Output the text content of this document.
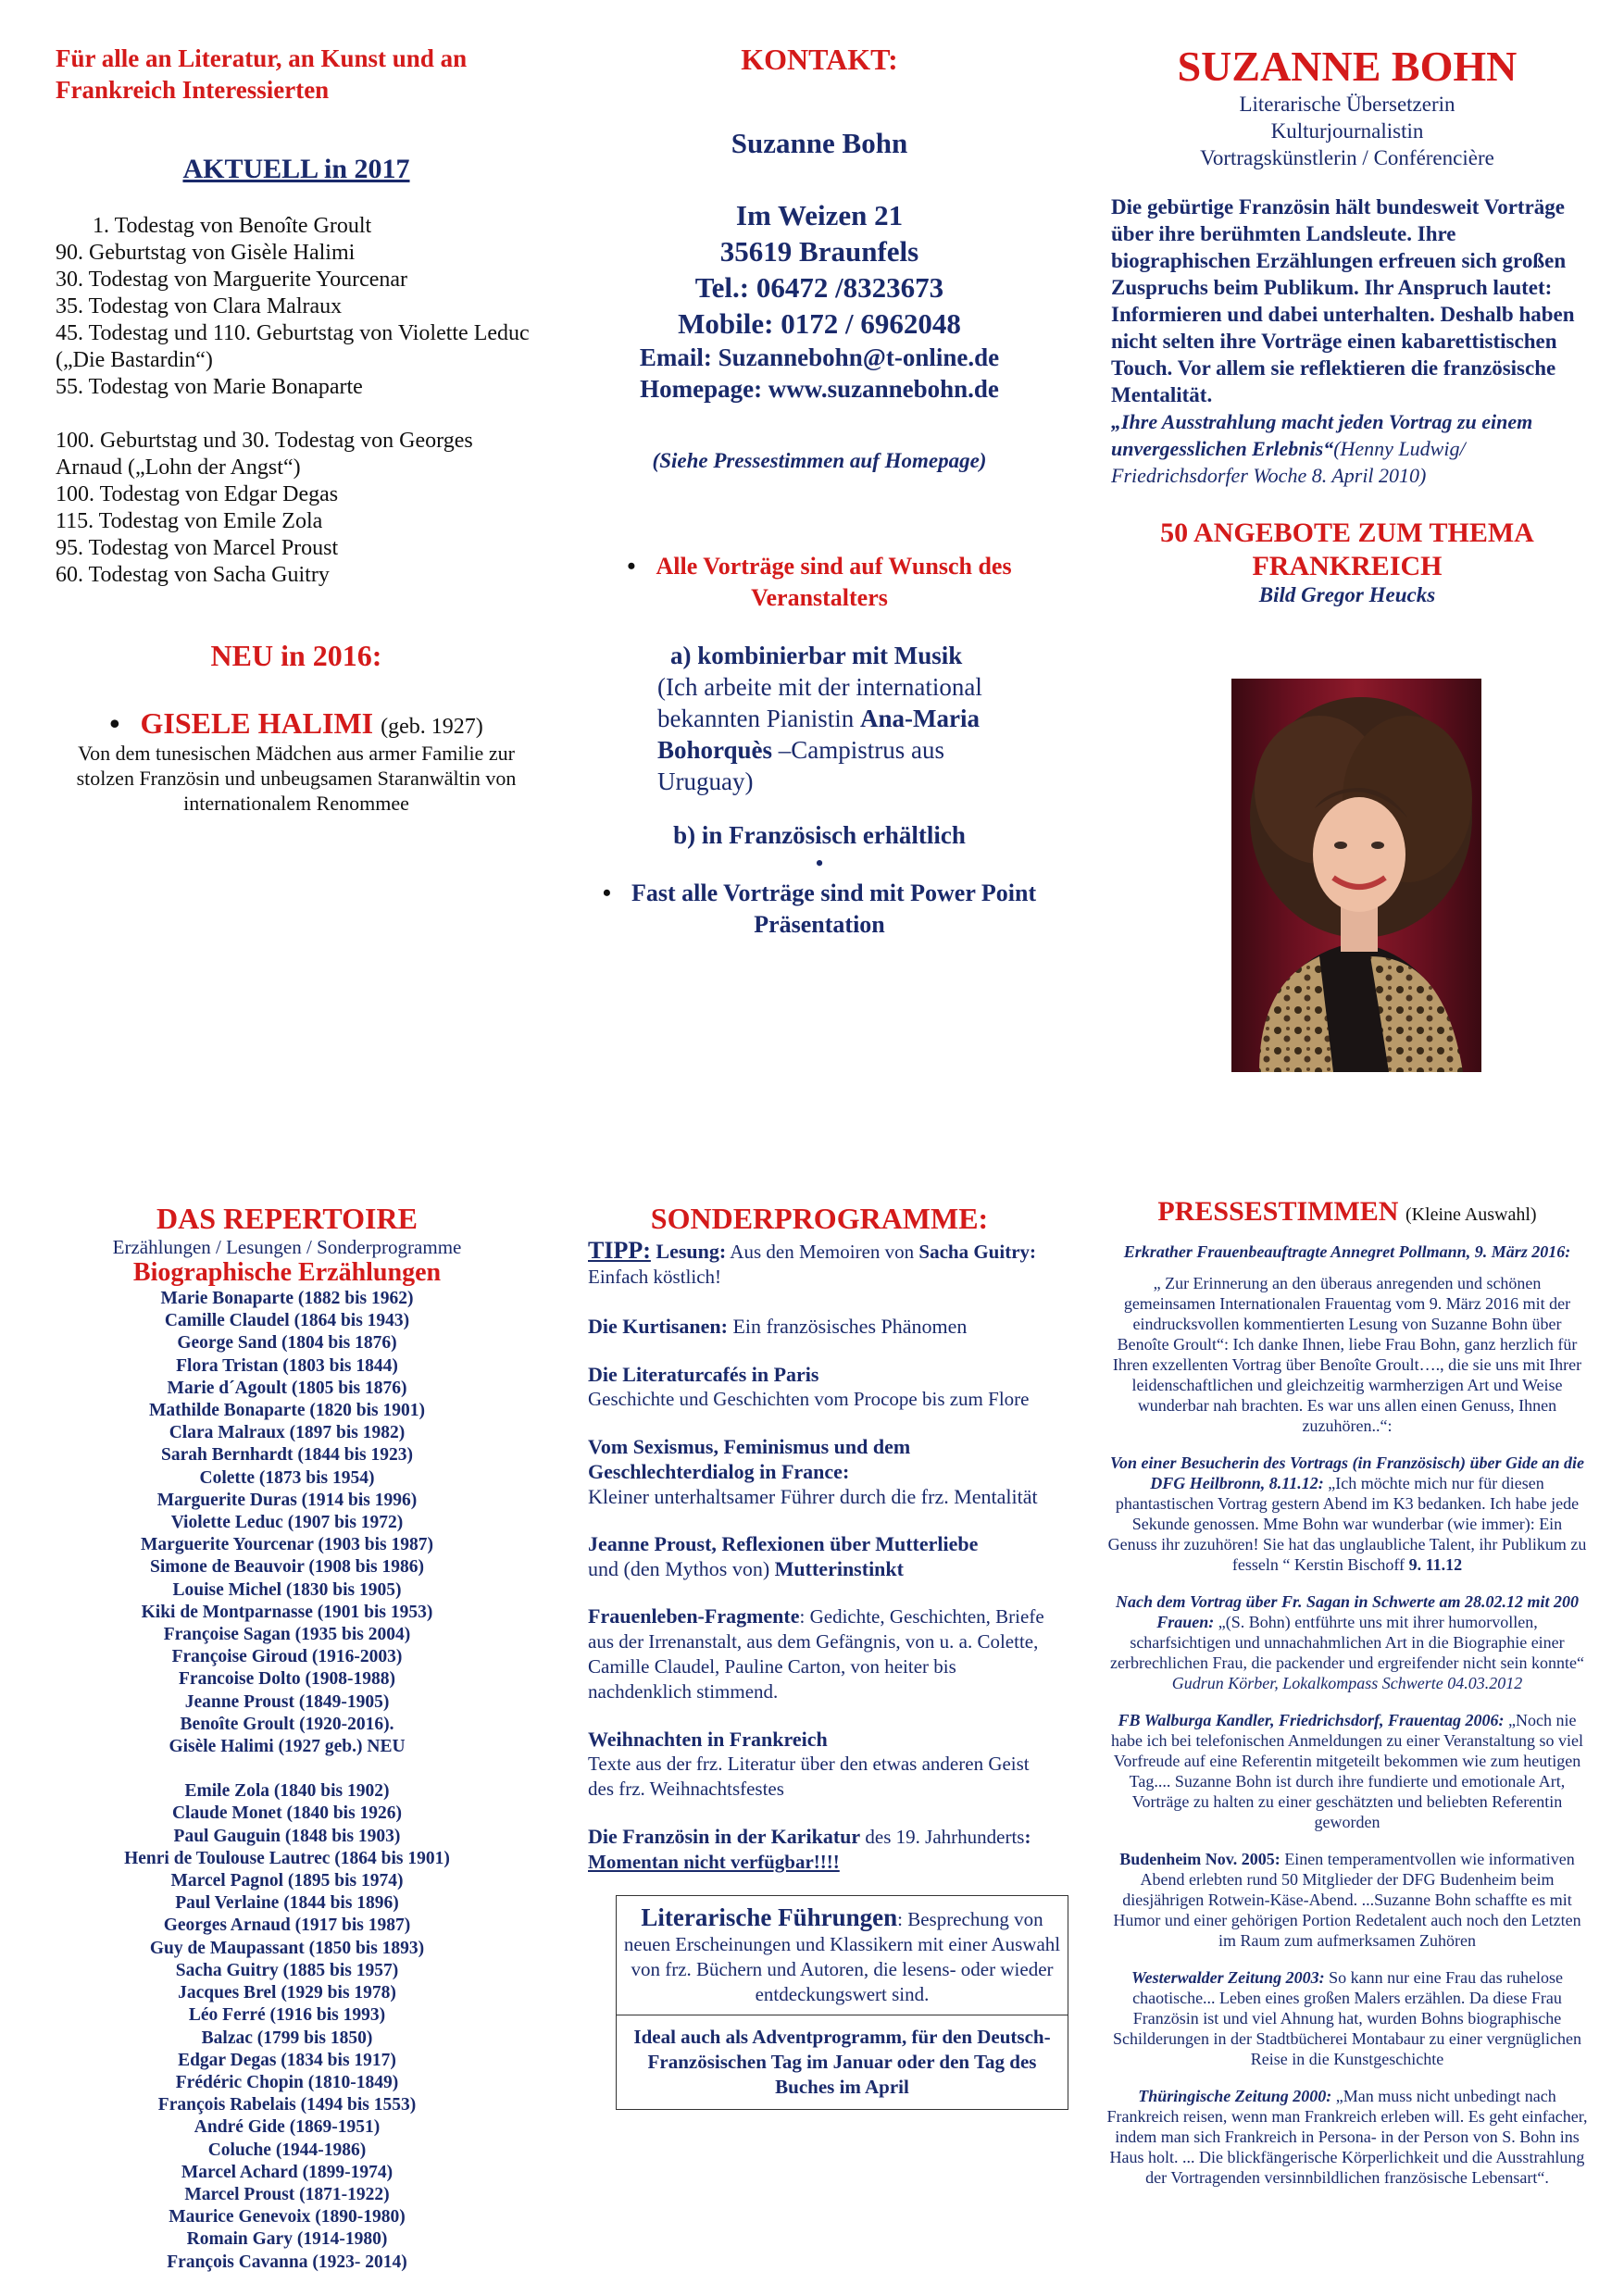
Für alle an Literatur, an Kunst und an Frankreich Interessierten
AKTUELL in 2017
1. Todestag von Benoîte Groult
90. Geburtstag von Gisèle Halimi
30. Todestag von Marguerite Yourcenar
35. Todestag von Clara Malraux
45. Todestag und 110. Geburtstag von Violette Leduc („Die Bastardin“)
55. Todestag von Marie Bonaparte
100. Geburtstag und 30. Todestag von Georges Arnaud („Lohn der Angst“)
100. Todestag von Edgar Degas
115. Todestag von Emile Zola
95. Todestag von Marcel Proust
60. Todestag von Sacha Guitry
NEU in 2016:
• GISELE HALIMI (geb. 1927)
Von dem tunesischen Mädchen aus armer Familie zur stolzen Französin und unbeugsamen Staranwältin von internationalem Renommee
KONTAKT:
Suzanne Bohn
Im Weizen 21
35619 Braunfels
Tel.: 06472 /8323673
Mobile: 0172 / 6962048
Email: Suzannebohn@t-online.de
Homepage: www.suzannebohn.de
(Siehe Pressestimmen auf Homepage)
• Alle Vorträge sind auf Wunsch des Veranstalters
a) kombinierbar mit Musik
(Ich arbeite mit der international bekannten Pianistin Ana-Maria Bohorquès –Campistrus aus Uruguay)
b) in Französisch erhältlich
•
• Fast alle Vorträge sind mit Power Point Präsentation
SUZANNE BOHN
Literarische Übersetzerin
Kulturjournalistin
Vortragskünstlerin / Conférencière
Die gebürtige Französin hält bundesweit Vorträge über ihre berühmten Landsleute. Ihre biographischen Erzählungen erfreuen sich großen Zuspruchs beim Publikum. Ihr Anspruch lautet: Informieren und dabei unterhalten. Deshalb haben nicht selten ihre Vorträge einen kabarettistischen Touch. Vor allem sie reflektieren die französische Mentalität.
„Ihre Ausstrahlung macht jeden Vortrag zu einem unvergesslichen Erlebnis“(Henny Ludwig/ Friedrichsdorfer Woche 8. April 2010)
50 ANGEBOTE ZUM THEMA FRANKREICH
Bild Gregor Heucks
DAS REPERTOIRE
Erzählungen / Lesungen / Sonderprogramme
Biographische Erzählungen
Marie Bonaparte (1882 bis 1962)
Camille Claudel (1864 bis 1943)
George Sand (1804 bis 1876)
Flora Tristan (1803 bis 1844)
Marie d´Agoult (1805 bis 1876)
Mathilde Bonaparte (1820 bis 1901)
Clara Malraux (1897 bis 1982)
Sarah Bernhardt (1844 bis 1923)
Colette (1873 bis 1954)
Marguerite Duras (1914 bis 1996)
Violette Leduc (1907 bis 1972)
Marguerite Yourcenar (1903 bis 1987)
Simone de Beauvoir (1908 bis 1986)
Louise Michel (1830 bis 1905)
Kiki de Montparnasse (1901 bis 1953)
Françoise Sagan (1935 bis 2004)
Françoise Giroud (1916-2003)
Francoise Dolto (1908-1988)
Jeanne Proust (1849-1905)
Benoîte Groult (1920-2016).
Gisèle Halimi (1927 geb.) NEU
Emile Zola (1840 bis 1902)
Claude Monet (1840 bis 1926)
Paul Gauguin (1848 bis 1903)
Henri de Toulouse Lautrec (1864 bis 1901)
Marcel Pagnol (1895 bis 1974)
Paul Verlaine (1844 bis 1896)
Georges Arnaud (1917 bis 1987)
Guy de Maupassant (1850 bis 1893)
Sacha Guitry (1885 bis 1957)
Jacques Brel (1929 bis 1978)
Léo Ferré (1916 bis 1993)
Balzac (1799 bis 1850)
Edgar Degas (1834 bis 1917)
Frédéric Chopin (1810-1849)
François Rabelais (1494 bis 1553)
André Gide (1869-1951)
Coluche (1944-1986)
Marcel Achard (1899-1974)
Marcel Proust (1871-1922)
Maurice Genevoix (1890-1980)
Romain Gary (1914-1980)
François Cavanna (1923- 2014)
SONDERPROGRAMME:
TIPP: Lesung: Aus den Memoiren von Sacha Guitry: Einfach köstlich!
Die Kurtisanen: Ein französisches Phänomen
Die Literaturcafés in Paris
Geschichte und Geschichten vom Procope bis zum Flore
Vom Sexismus, Feminismus und dem Geschlechterdialog in France:
Kleiner unterhaltsamer Führer durch die frz. Mentalität
Jeanne Proust, Reflexionen über Mutterliebe
und (den Mythos von) Mutterinstinkt
Frauenleben-Fragmente: Gedichte, Geschichten, Briefe aus der Irrenanstalt, aus dem Gefängnis, von u. a. Colette, Camille Claudel, Pauline Carton, von heiter bis nachdenklich stimmend.
Weihnachten in Frankreich
Texte aus der frz. Literatur über den etwas anderen Geist des frz. Weihnachtsfestes
Die Französin in der Karikatur des 19. Jahrhunderts: Momentan nicht verfügbar!!!!
Literarische Führungen: Besprechung von neuen Erscheinungen und Klassikern mit einer Auswahl von frz. Büchern und Autoren, die lesens- oder wieder entdeckungswert sind.
Ideal auch als Adventprogramm, für den Deutsch-Französischen Tag im Januar oder den Tag des Buches im April
PRESSESTIMMEN (Kleine Auswahl)
Erkrather Frauenbeauftragte Annegret Pollmann, 9. März 2016:
„ Zur Erinnerung an den überaus anregenden und schönen gemeinsamen Internationalen Frauentag vom 9. März 2016 mit der eindrucksvollen kommentierten Lesung von Suzanne Bohn über Benoîte Groult“: Ich danke Ihnen, liebe Frau Bohn, ganz herzlich für Ihren exzellenten Vortrag über Benoîte Groult…., die sie uns mit Ihrer leidenschaftlichen und gleichzeitig warmherzigen Art und Weise wunderbar nah brachten. Es war uns allen einen Genuss, Ihnen zuzuhören..“:
Von einer Besucherin des Vortrags (in Französisch) über Gide an die DFG Heilbronn, 8.11.12: „Ich möchte mich nur für diesen phantastischen Vortrag gestern Abend im K3 bedanken. Ich habe jede Sekunde genossen. Mme Bohn war wunderbar (wie immer): Ein Genuss ihr zuzuhören! Sie hat das unglaubliche Talent, ihr Publikum zu fesseln “ Kerstin Bischoff 9. 11.12
Nach dem Vortrag über Fr. Sagan in Schwerte am 28.02.12 mit 200 Frauen: „(S. Bohn) entführte uns mit ihrer humorvollen, scharfsichtigen und unnachahmlichen Art in die Biographie einer zerbrechlichen Frau, die packender und ergreifender nicht sein konnte“ Gudrun Körber, Lokalkompass Schwerte 04.03.2012
FB Walburga Kandler, Friedrichsdorf, Frauentag 2006: „Noch nie habe ich bei telefonischen Anmeldungen zu einer Veranstaltung so viel Vorfreude auf eine Referentin mitgeteilt bekommen wie zum heutigen Tag.... Suzanne Bohn ist durch ihre fundierte und emotionale Art, Vorträge zu halten zu einer geschätzten und beliebten Referentin geworden
Budenheim Nov. 2005: Einen temperamentvollen wie informativen Abend erlebten rund 50 Mitglieder der DFG Budenheim beim diesjährigen Rotwein-Käse-Abend. ...Suzanne Bohn schaffte es mit Humor und einer gehörigen Portion Redetalent auch noch den Letzten im Raum zum aufmerksamen Zuhören
Westerwalder Zeitung 2003: So kann nur eine Frau das ruhelose chaotische... Leben eines großen Malers erzählen. Da diese Frau Französin ist und viel Ahnung hat, wurden Bohns biographische Schilderungen in der Stadtbücherei Montabaur zu einer vergnüglichen Reise in die Kunstgeschichte
Thüringische Zeitung 2000: „Man muss nicht unbedingt nach Frankreich reisen, wenn man Frankreich erleben will. Es geht einfacher, indem man sich Frankreich in Persona- in der Person von S. Bohn ins Haus holt. ... Die blickfängerische Körperlichkeit und die Ausstrahlung der Vortragenden versinnbildlichen französische Lebensart“.
